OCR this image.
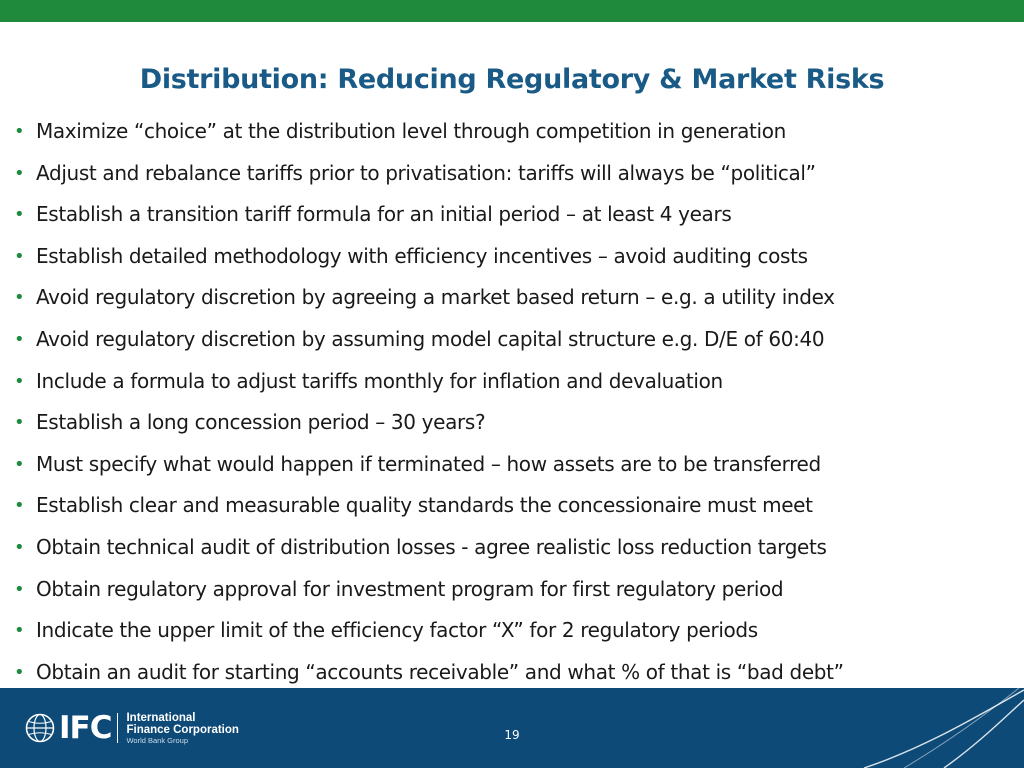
Distribution: Reducing Regulatory & Market Risks
• Maximize “choice” at the distribution level through competition in generation
• Adjust and rebalance tariffs prior to privatisation: tariffs will always be “political”
• Establish a transition tariff formula for an initial period – at least 4 years
• Establish detailed methodology with efficiency incentives – avoid auditing costs
• Avoid regulatory discretion by agreeing a market based return – e.g. a utility index
• Avoid regulatory discretion by assuming model capital structure e.g. D/E of 60:40
• Include a formula to adjust tariffs monthly for inflation and devaluation
• Establish a long concession period – 30 years?
• Must specify what would happen if terminated – how assets are to be transferred
• Establish clear and measurable quality standards the concessionaire must meet
• Obtain technical audit of distribution losses - agree realistic loss reduction targets
• Obtain regulatory approval for investment program for first regulatory period
• Indicate the upper limit of the efficiency factor “X” for 2 regulatory periods
• Obtain an audit for starting “accounts receivable” and what % of that is “bad debt”
IFC International
Finance Corporation
World Bank Group	19
